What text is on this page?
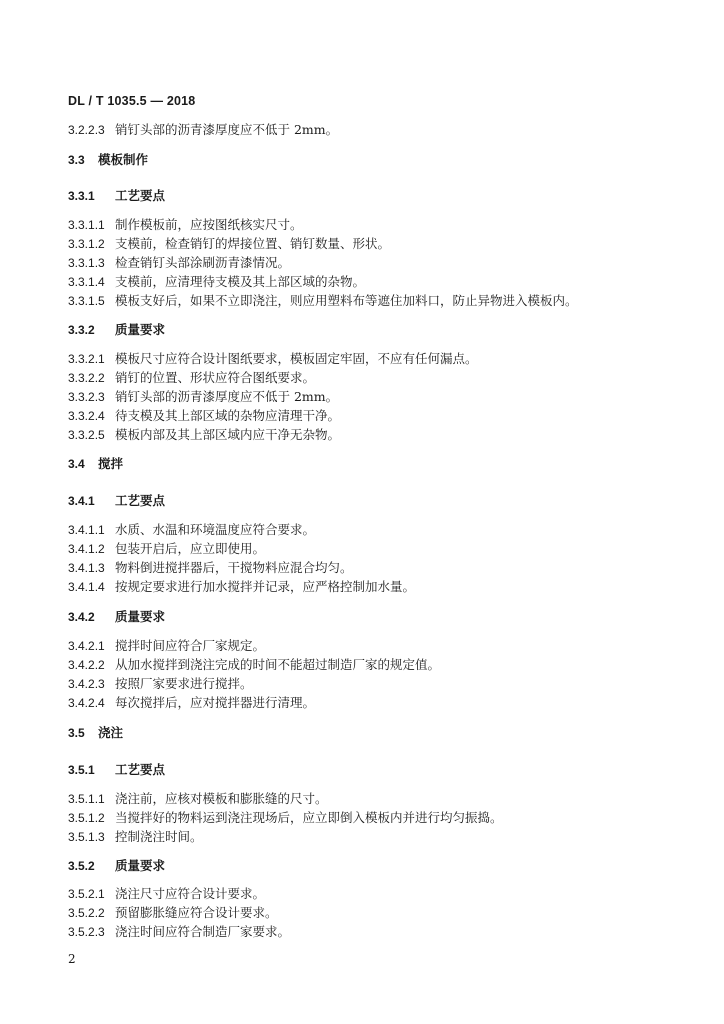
DL / T 1035.5 — 2018
3.2.2.3 销钉头部的沥青漆厚度应不低于 2mm。
3.3 模板制作
3.3.1 工艺要点
3.3.1.1 制作模板前，应按图纸核实尺寸。
3.3.1.2 支模前，检查销钉的焊接位置、销钉数量、形状。
3.3.1.3 检查销钉头部涂刷沥青漆情况。
3.3.1.4 支模前，应清理待支模及其上部区域的杂物。
3.3.1.5 模板支好后，如果不立即浇注，则应用塑料布等遮住加料口，防止异物进入模板内。
3.3.2 质量要求
3.3.2.1 模板尺寸应符合设计图纸要求，模板固定牢固，不应有任何漏点。
3.3.2.2 销钉的位置、形状应符合图纸要求。
3.3.2.3 销钉头部的沥青漆厚度应不低于 2mm。
3.3.2.4 待支模及其上部区域的杂物应清理干净。
3.3.2.5 模板内部及其上部区域内应干净无杂物。
3.4 搅拌
3.4.1 工艺要点
3.4.1.1 水质、水温和环境温度应符合要求。
3.4.1.2 包装开启后，应立即使用。
3.4.1.3 物料倒进搅拌器后，干搅物料应混合均匀。
3.4.1.4 按规定要求进行加水搅拌并记录，应严格控制加水量。
3.4.2 质量要求
3.4.2.1 搅拌时间应符合厂家规定。
3.4.2.2 从加水搅拌到浇注完成的时间不能超过制造厂家的规定值。
3.4.2.3 按照厂家要求进行搅拌。
3.4.2.4 每次搅拌后，应对搅拌器进行清理。
3.5 浇注
3.5.1 工艺要点
3.5.1.1 浇注前，应核对模板和膨胀缝的尺寸。
3.5.1.2 当搅拌好的物料运到浇注现场后，应立即倒入模板内并进行均匀振捣。
3.5.1.3 控制浇注时间。
3.5.2 质量要求
3.5.2.1 浇注尺寸应符合设计要求。
3.5.2.2 预留膨胀缝应符合设计要求。
3.5.2.3 浇注时间应符合制造厂家要求。
2
